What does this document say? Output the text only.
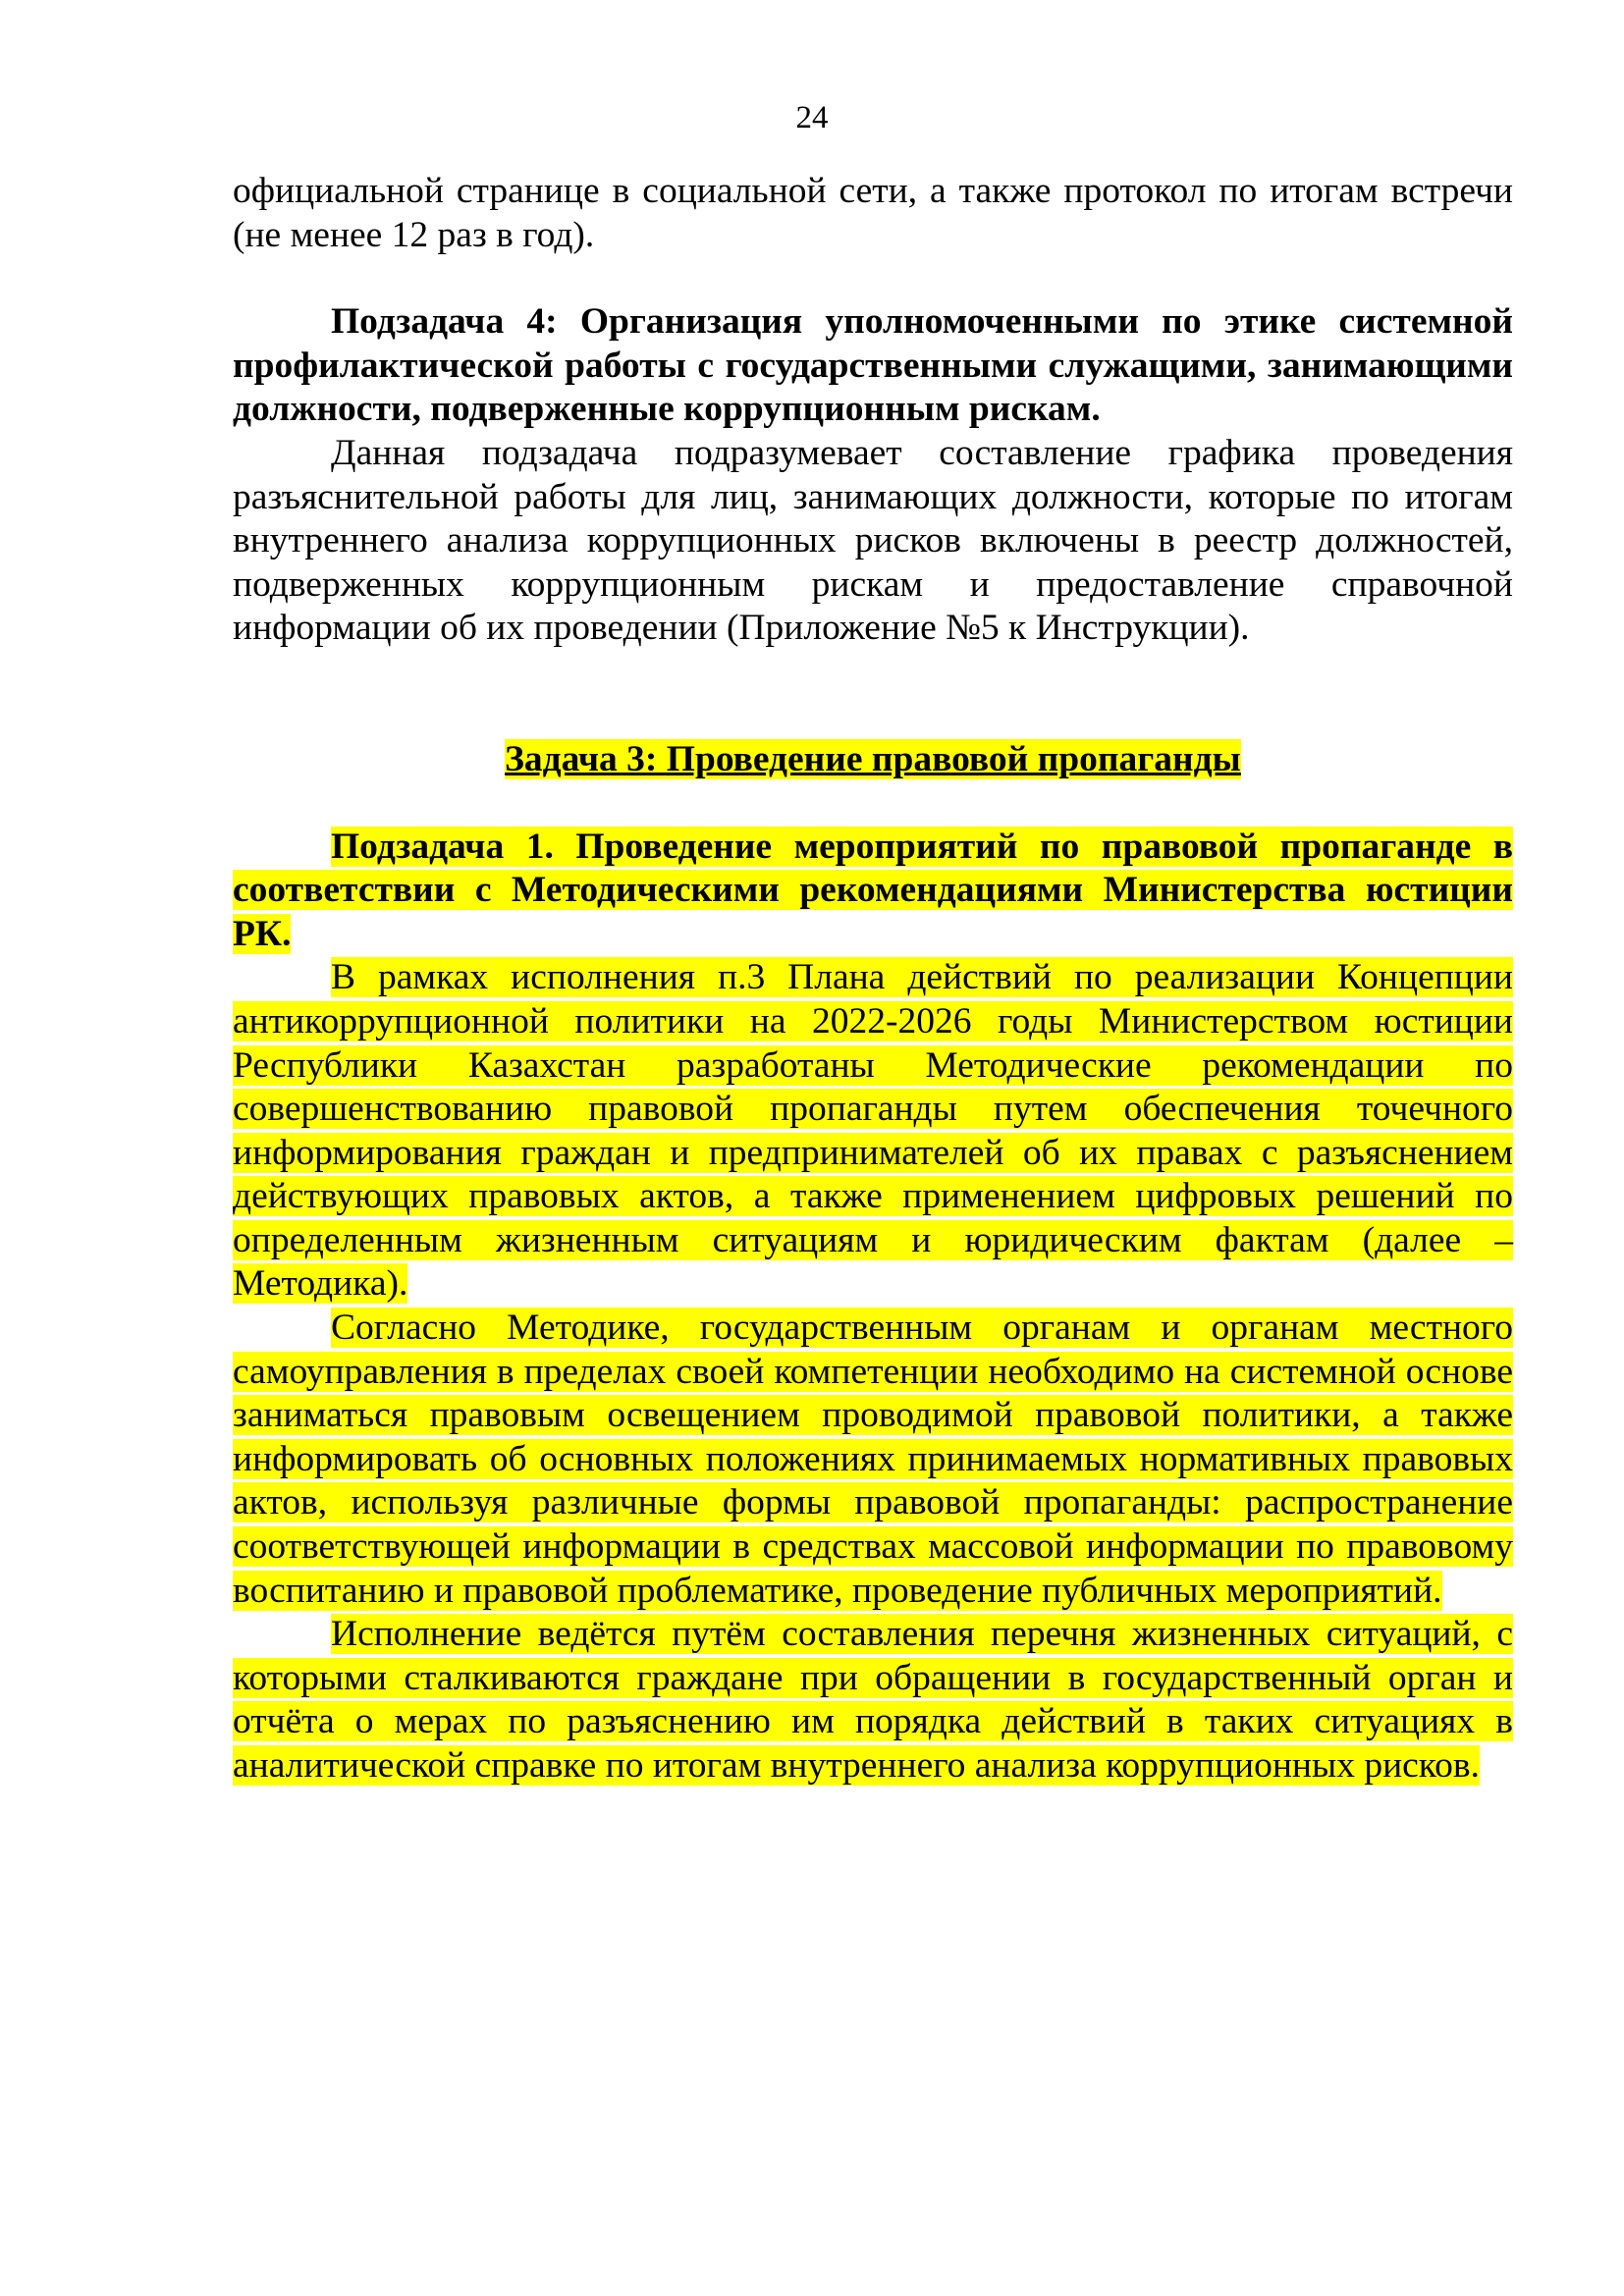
24

официальной странице в социальной сети, а также протокол по итогам встречи (не менее 12 раз в год).

Подзадача 4: Организация уполномоченными по этике системной профилактической работы с государственными служащими, занимающими должности, подверженные коррупционным рискам.

Данная подзадача подразумевает составление графика проведения разъяснительной работы для лиц, занимающих должности, которые по итогам внутреннего анализа коррупционных рисков включены в реестр должностей, подверженных коррупционным рискам и предоставление справочной информации об их проведении (Приложение №5 к Инструкции).

Задача 3: Проведение правовой пропаганды

Подзадача 1. Проведение мероприятий по правовой пропаганде в соответствии с Методическими рекомендациями Министерства юстиции РК.

В рамках исполнения п.3 Плана действий по реализации Концепции антикоррупционной политики на 2022-2026 годы Министерством юстиции Республики Казахстан разработаны Методические рекомендации по совершенствованию правовой пропаганды путем обеспечения точечного информирования граждан и предпринимателей об их правах с разъяснением действующих правовых актов, а также применением цифровых решений по определенным жизненным ситуациям и юридическим фактам (далее – Методика).

Согласно Методике, государственным органам и органам местного самоуправления в пределах своей компетенции необходимо на системной основе заниматься правовым освещением проводимой правовой политики, а также информировать об основных положениях принимаемых нормативных правовых актов, используя различные формы правовой пропаганды: распространение соответствующей информации в средствах массовой информации по правовому воспитанию и правовой проблематике, проведение публичных мероприятий.

Исполнение ведётся путём составления перечня жизненных ситуаций, с которыми сталкиваются граждане при обращении в государственный орган и отчёта о мерах по разъяснению им порядка действий в таких ситуациях в аналитической справке по итогам внутреннего анализа коррупционных рисков.
